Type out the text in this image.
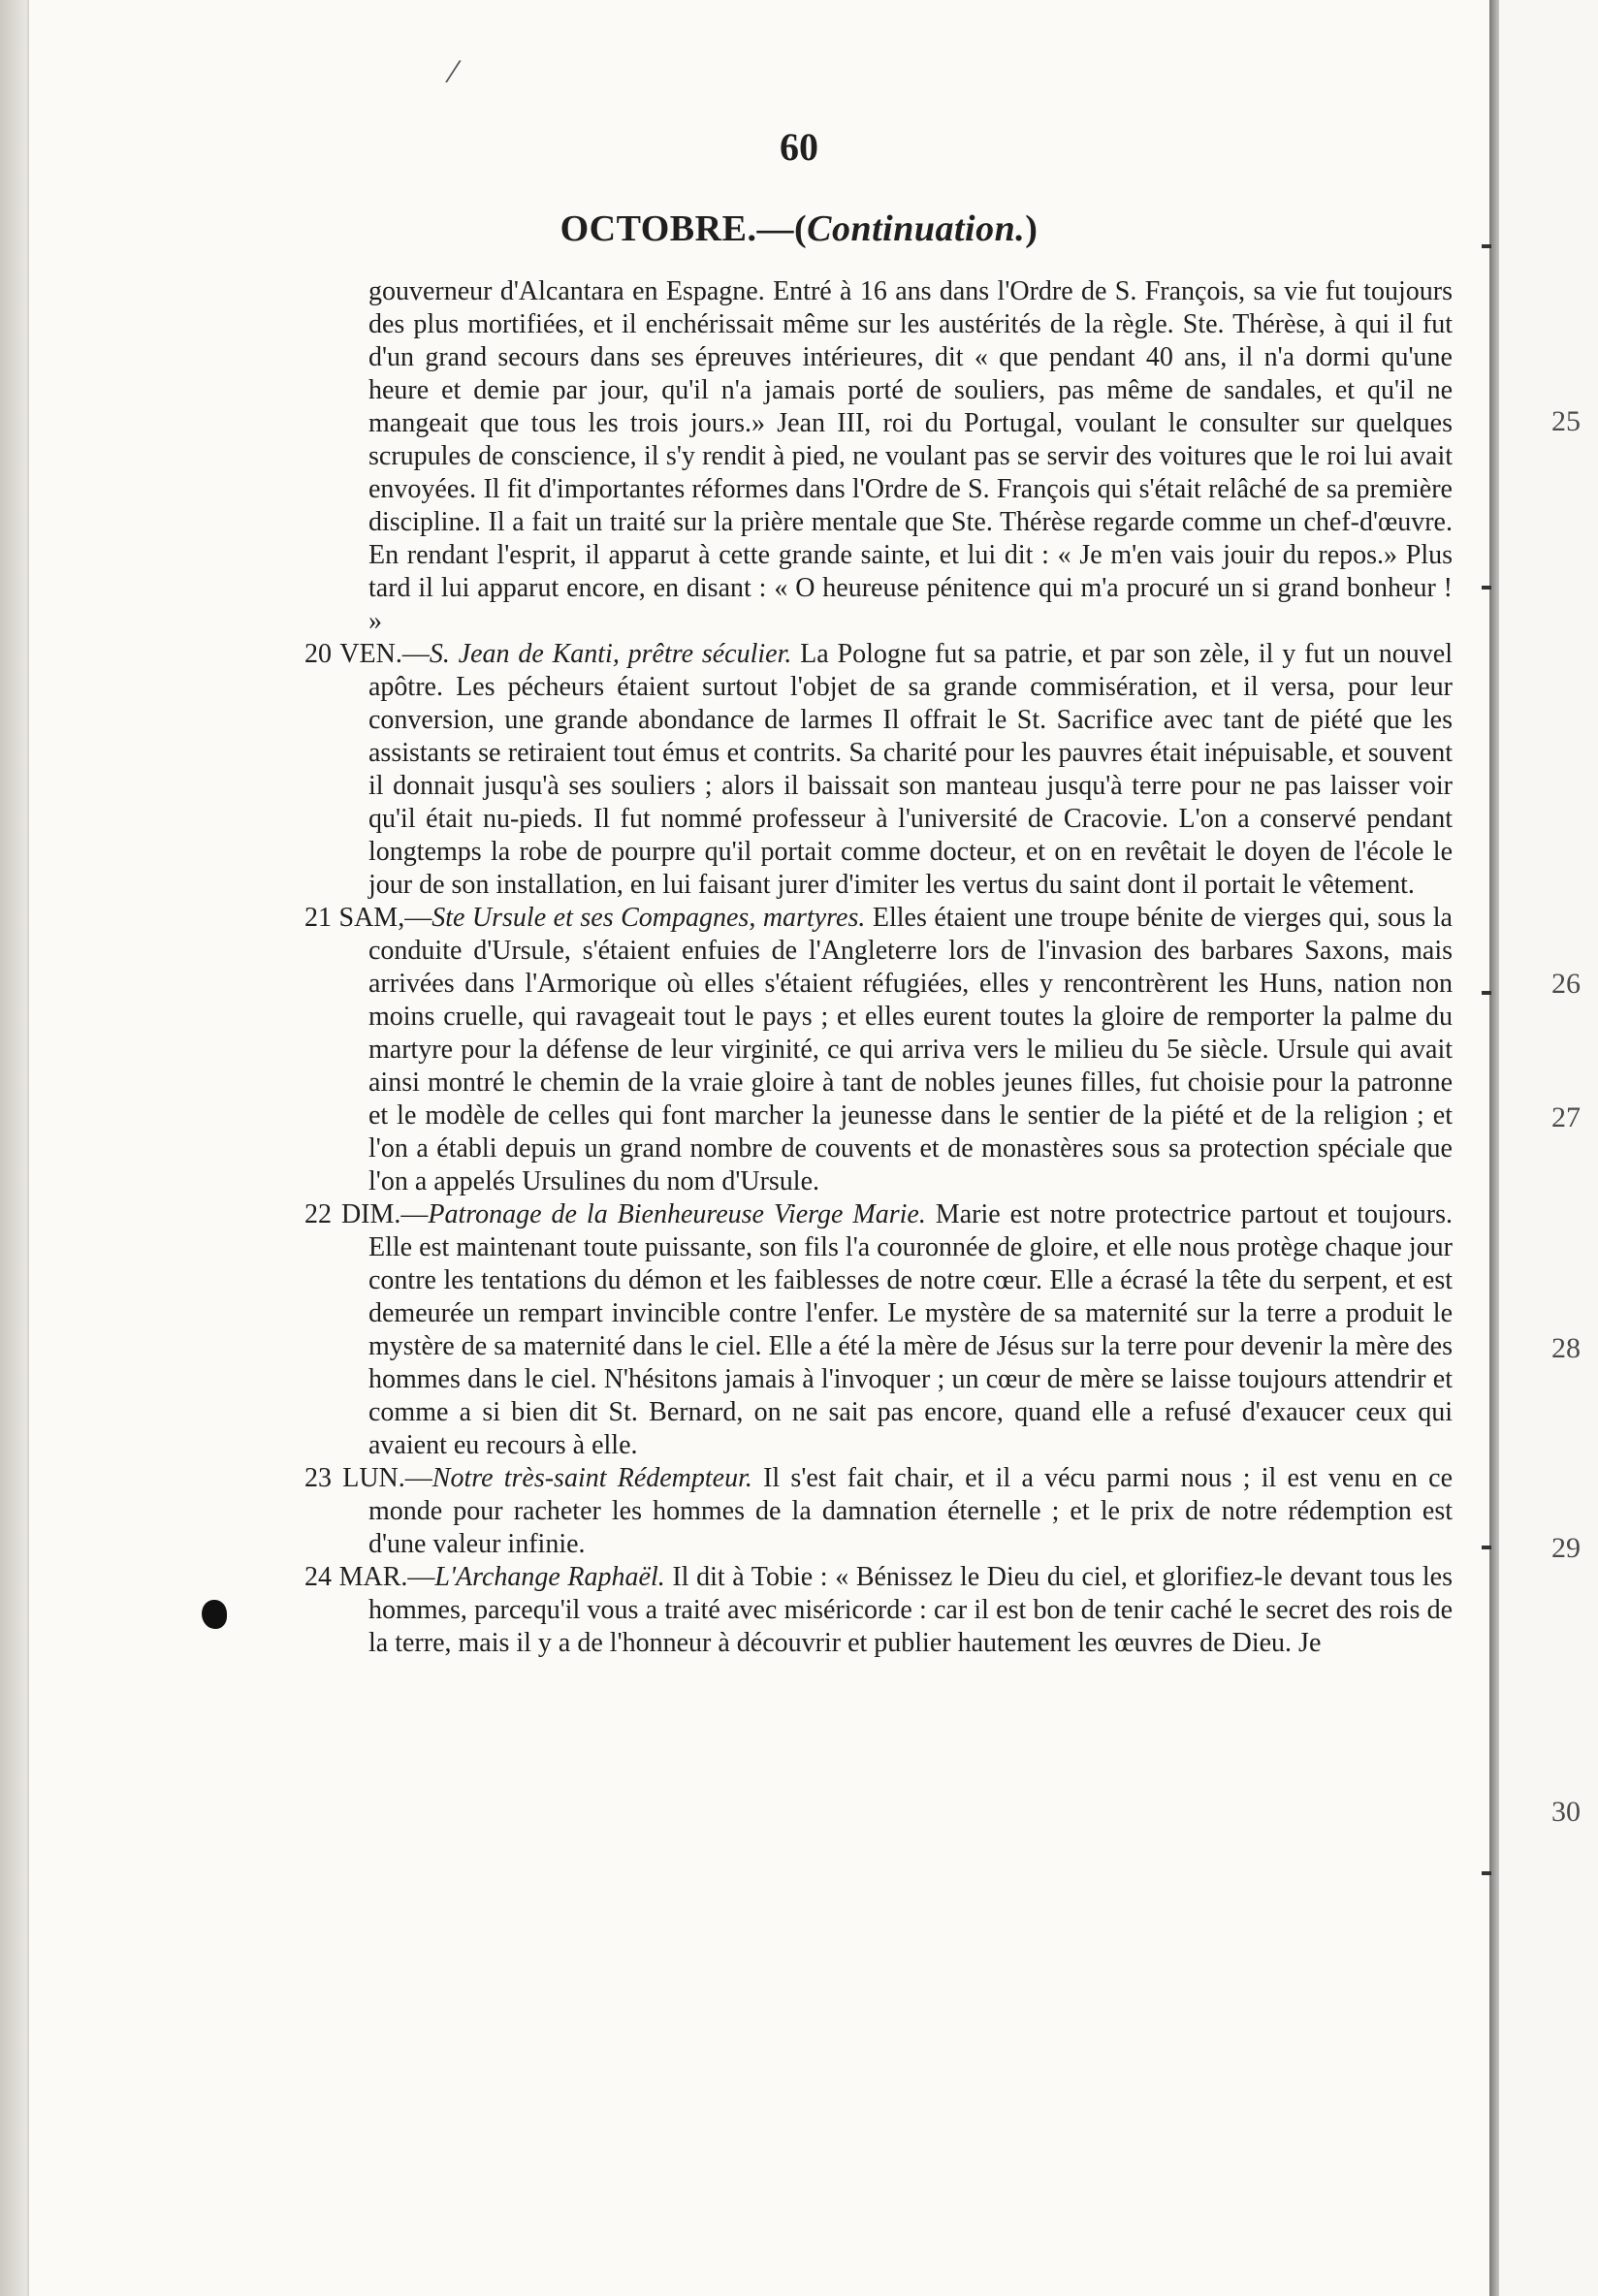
25
26
27
28
29
30
/
60
OCTOBRE.—(Continuation.)

gouverneur d'Alcantara en Espagne. Entré à 16 ans dans l'Ordre de S. François, sa vie fut toujours des plus mortifiées, et il enchérissait même sur les austérités de la règle. Ste. Thérèse, à qui il fut d'un grand secours dans ses épreuves intérieures, dit « que pendant 40 ans, il n'a dormi qu'une heure et demie par jour, qu'il n'a jamais porté de souliers, pas même de sandales, et qu'il ne mangeait que tous les trois jours.» Jean III, roi du Portugal, voulant le consulter sur quelques scrupules de conscience, il s'y rendit à pied, ne voulant pas se servir des voitures que le roi lui avait envoyées. Il fit d'importantes réformes dans l'Ordre de S. François qui s'était relâché de sa première discipline. Il a fait un traité sur la prière mentale que Ste. Thérèse regarde comme un chef-d'œuvre. En rendant l'esprit, il apparut à cette grande sainte, et lui dit : « Je m'en vais jouir du repos.» Plus tard il lui apparut encore, en disant : « O heureuse pénitence qui m'a procuré un si grand bonheur ! »

20 VEN.—S. Jean de Kanti, prêtre séculier. La Pologne fut sa patrie, et par son zèle, il y fut un nouvel apôtre. Les pécheurs étaient surtout l'objet de sa grande commisération, et il versa, pour leur conversion, une grande abondance de larmes Il offrait le St. Sacrifice avec tant de piété que les assistants se retiraient tout émus et contrits. Sa charité pour les pauvres était inépuisable, et souvent il donnait jusqu'à ses souliers ; alors il baissait son manteau jusqu'à terre pour ne pas laisser voir qu'il était nu-pieds. Il fut nommé professeur à l'université de Cracovie. L'on a conservé pendant longtemps la robe de pourpre qu'il portait comme docteur, et on en revêtait le doyen de l'école le jour de son installation, en lui faisant jurer d'imiter les vertus du saint dont il portait le vêtement.

21 SAM,—Ste Ursule et ses Compagnes, martyres. Elles étaient une troupe bénite de vierges qui, sous la conduite d'Ursule, s'étaient enfuies de l'Angleterre lors de l'invasion des barbares Saxons, mais arrivées dans l'Armorique où elles s'étaient réfugiées, elles y rencontrèrent les Huns, nation non moins cruelle, qui ravageait tout le pays ; et elles eurent toutes la gloire de remporter la palme du martyre pour la défense de leur virginité, ce qui arriva vers le milieu du 5e siècle. Ursule qui avait ainsi montré le chemin de la vraie gloire à tant de nobles jeunes filles, fut choisie pour la patronne et le modèle de celles qui font marcher la jeunesse dans le sentier de la piété et de la religion ; et l'on a établi depuis un grand nombre de couvents et de monastères sous sa protection spéciale que l'on a appelés Ursulines du nom d'Ursule.

22 DIM.—Patronage de la Bienheureuse Vierge Marie. Marie est notre protectrice partout et toujours. Elle est maintenant toute puissante, son fils l'a couronnée de gloire, et elle nous protège chaque jour contre les tentations du démon et les faiblesses de notre cœur. Elle a écrasé la tête du serpent, et est demeurée un rempart invincible contre l'enfer. Le mystère de sa maternité sur la terre a produit le mystère de sa maternité dans le ciel. Elle a été la mère de Jésus sur la terre pour devenir la mère des hommes dans le ciel. N'hésitons jamais à l'invoquer ; un cœur de mère se laisse toujours attendrir et comme a si bien dit St. Bernard, on ne sait pas encore, quand elle a refusé d'exaucer ceux qui avaient eu recours à elle.

23 LUN.—Notre très-saint Rédempteur. Il s'est fait chair, et il a vécu parmi nous ; il est venu en ce monde pour racheter les hommes de la damnation éternelle ; et le prix de notre rédemption est d'une valeur infinie.

24 MAR.—L'Archange Raphaël. Il dit à Tobie : « Bénissez le Dieu du ciel, et glorifiez-le devant tous les hommes, parcequ'il vous a traité avec miséricorde : car il est bon de tenir caché le secret des rois de la terre, mais il y a de l'honneur à découvrir et publier hautement les œuvres de Dieu. Je
